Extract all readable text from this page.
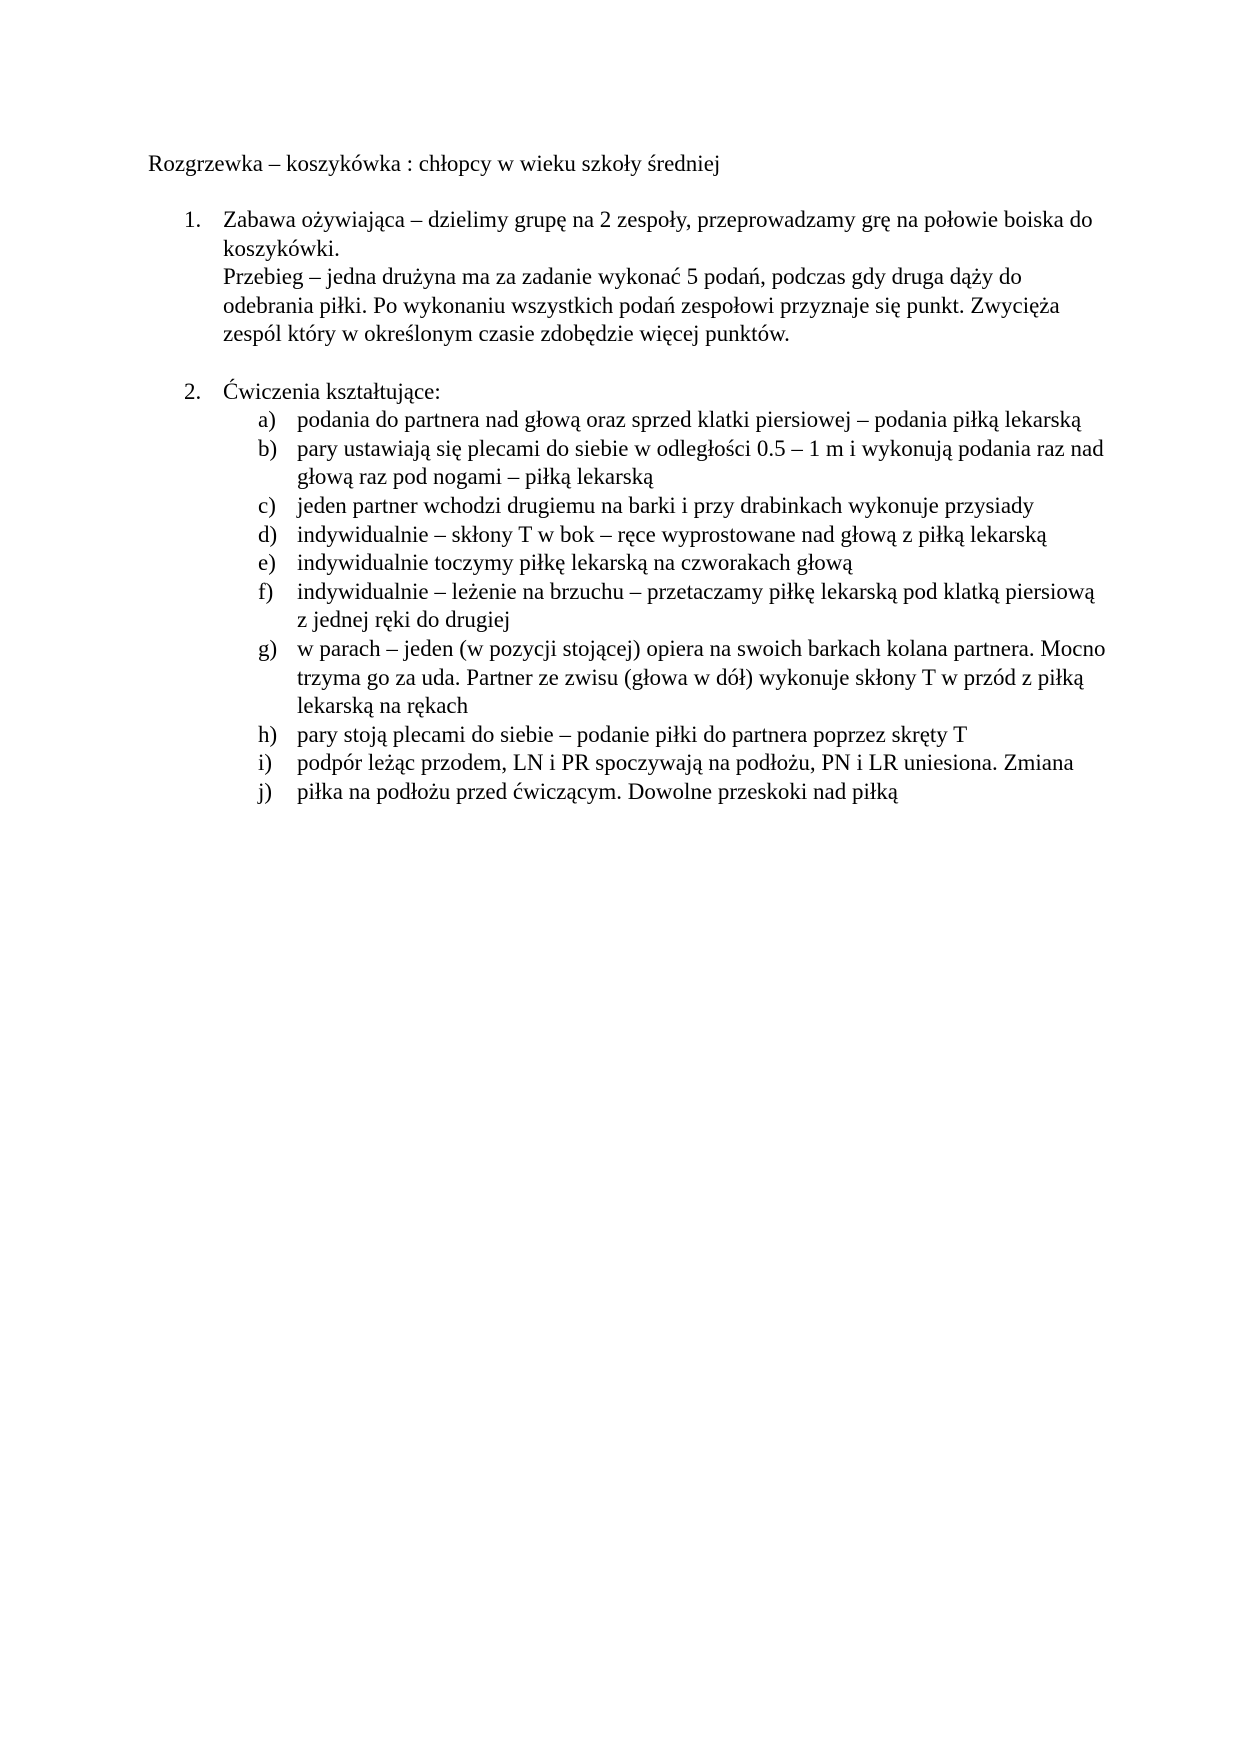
Rozgrzewka – koszykówka : chłopcy w wieku szkoły średniej
1. Zabawa ożywiająca – dzielimy grupę na 2 zespoły, przeprowadzamy grę na połowie boiska do koszykówki.
Przebieg – jedna drużyna ma za zadanie wykonać 5 podań, podczas gdy druga dąży do odebrania piłki. Po wykonaniu wszystkich podań zespołowi przyznaje się punkt. Zwycięża zespól który w określonym czasie zdobędzie więcej punktów.
2. Ćwiczenia kształtujące:
a) podania do partnera nad głową oraz sprzed klatki piersiowej – podania piłką lekarską
b) pary ustawiają się plecami do siebie w odległości 0.5 – 1 m i wykonują podania raz nad głową raz pod nogami – piłką lekarską
c) jeden partner wchodzi drugiemu na barki i przy drabinkach wykonuje przysiady
d) indywidualnie – skłony T w bok – ręce wyprostowane nad głową z piłką lekarską
e) indywidualnie toczymy piłkę lekarską na czworakach głową
f) indywidualnie – leżenie na brzuchu – przetaczamy piłkę lekarską pod klatką piersiową z jednej ręki do drugiej
g) w parach – jeden (w pozycji stojącej) opiera na swoich barkach kolana partnera. Mocno trzyma go za uda. Partner ze zwisu (głowa w dół) wykonuje skłony T w przód z piłką lekarską na rękach
h) pary stoją plecami do siebie – podanie piłki do partnera poprzez skręty T
i) podpór leżąc przodem, LN i PR spoczywają na podłożu, PN i LR uniesiona. Zmiana
j) piłka na podłożu przed ćwiczącym. Dowolne przeskoki nad piłką
